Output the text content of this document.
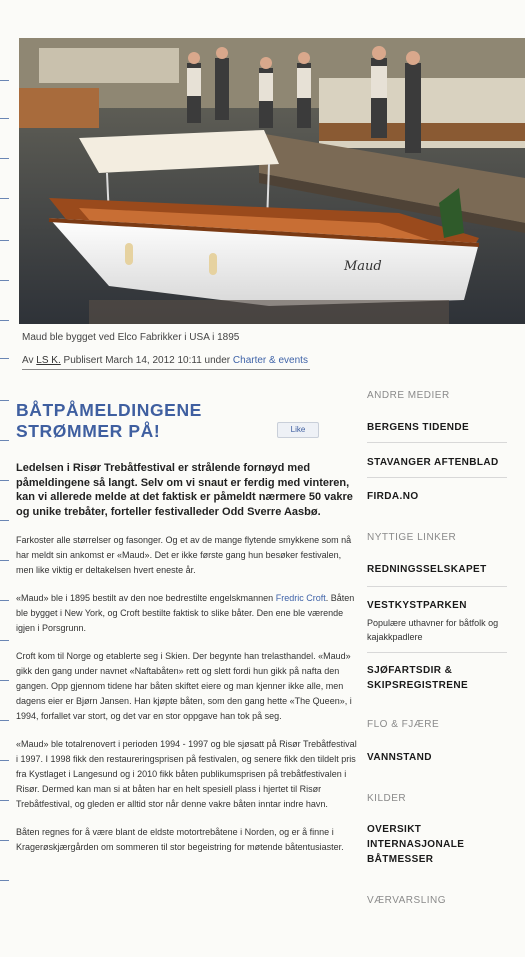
Maud
Maud ble bygget ved Elco Fabrikker i USA i 1895
Av LS K. Publisert March 14, 2012 10:11 under Charter & events
BÅTPÅMELDINGENE
STRØMMER PÅ!	Like

Ledelsen i Risør Trebåtfestival er strålende fornøyd med påmeldingene så langt. Selv om vi snaut er ferdig med vinteren, kan vi allerede melde at det faktisk er påmeldt nærmere 50 vakre og unike trebåter, forteller festivalleder Odd Sverre Aasbø.

Farkoster alle størrelser og fasonger. Og et av de mange flytende smykkene som nå har meldt sin ankomst er «Maud». Det er ikke første gang hun besøker festivalen, men like viktig er deltakelsen hvert eneste år.

«Maud» ble i 1895 bestilt av den noe bedrestilte engelskmannen Fredric Croft. Båten ble bygget i New York, og Croft bestilte faktisk to slike båter. Den ene ble værende igjen i Porsgrunn.

Croft kom til Norge og etablerte seg i Skien. Der begynte han trelasthandel. «Maud» gikk den gang under navnet «Naftabåten» rett og slett fordi hun gikk på nafta den gangen. Opp gjennom tidene har båten skiftet eiere og man kjenner ikke alle, men dagens eier er Bjørn Jansen. Han kjøpte båten, som den gang hette «The Queen», i 1994, forfallet var stort, og det var en stor oppgave han tok på seg.

«Maud» ble totalrenovert i perioden 1994 - 1997 og ble sjøsatt på Risør Trebåtfestival i 1997. I 1998 fikk den restaureringsprisen på festivalen, og senere fikk den tildelt pris fra Kystlaget i Langesund og i 2010 fikk båten publikumsprisen på trebåtfestivalen i Risør. Dermed kan man si at båten har en helt spesiell plass i hjertet til Risør Trebåtfestival, og gleden er alltid stor når denne vakre båten inntar indre havn.

Båten regnes for å være blant de eldste motortrebåtene i Norden, og er å finne i Kragerøskjærgården om sommeren til stor begeistring for møtende båtentusiaster.

ANDRE MEDIER
BERGENS TIDENDE
STAVANGER AFTENBLAD
FIRDA.NO
NYTTIGE LINKER
REDNINGSSELSKAPET
VESTKYSTPARKEN
Populære uthavner for båtfolk og kajakkpadlere
SJØFARTSDIR &
SKIPSREGISTRENE
FLO & FJÆRE
VANNSTAND
KILDER
OVERSIKT
INTERNASJONALE
BÅTMESSER
VÆRVARSLING
